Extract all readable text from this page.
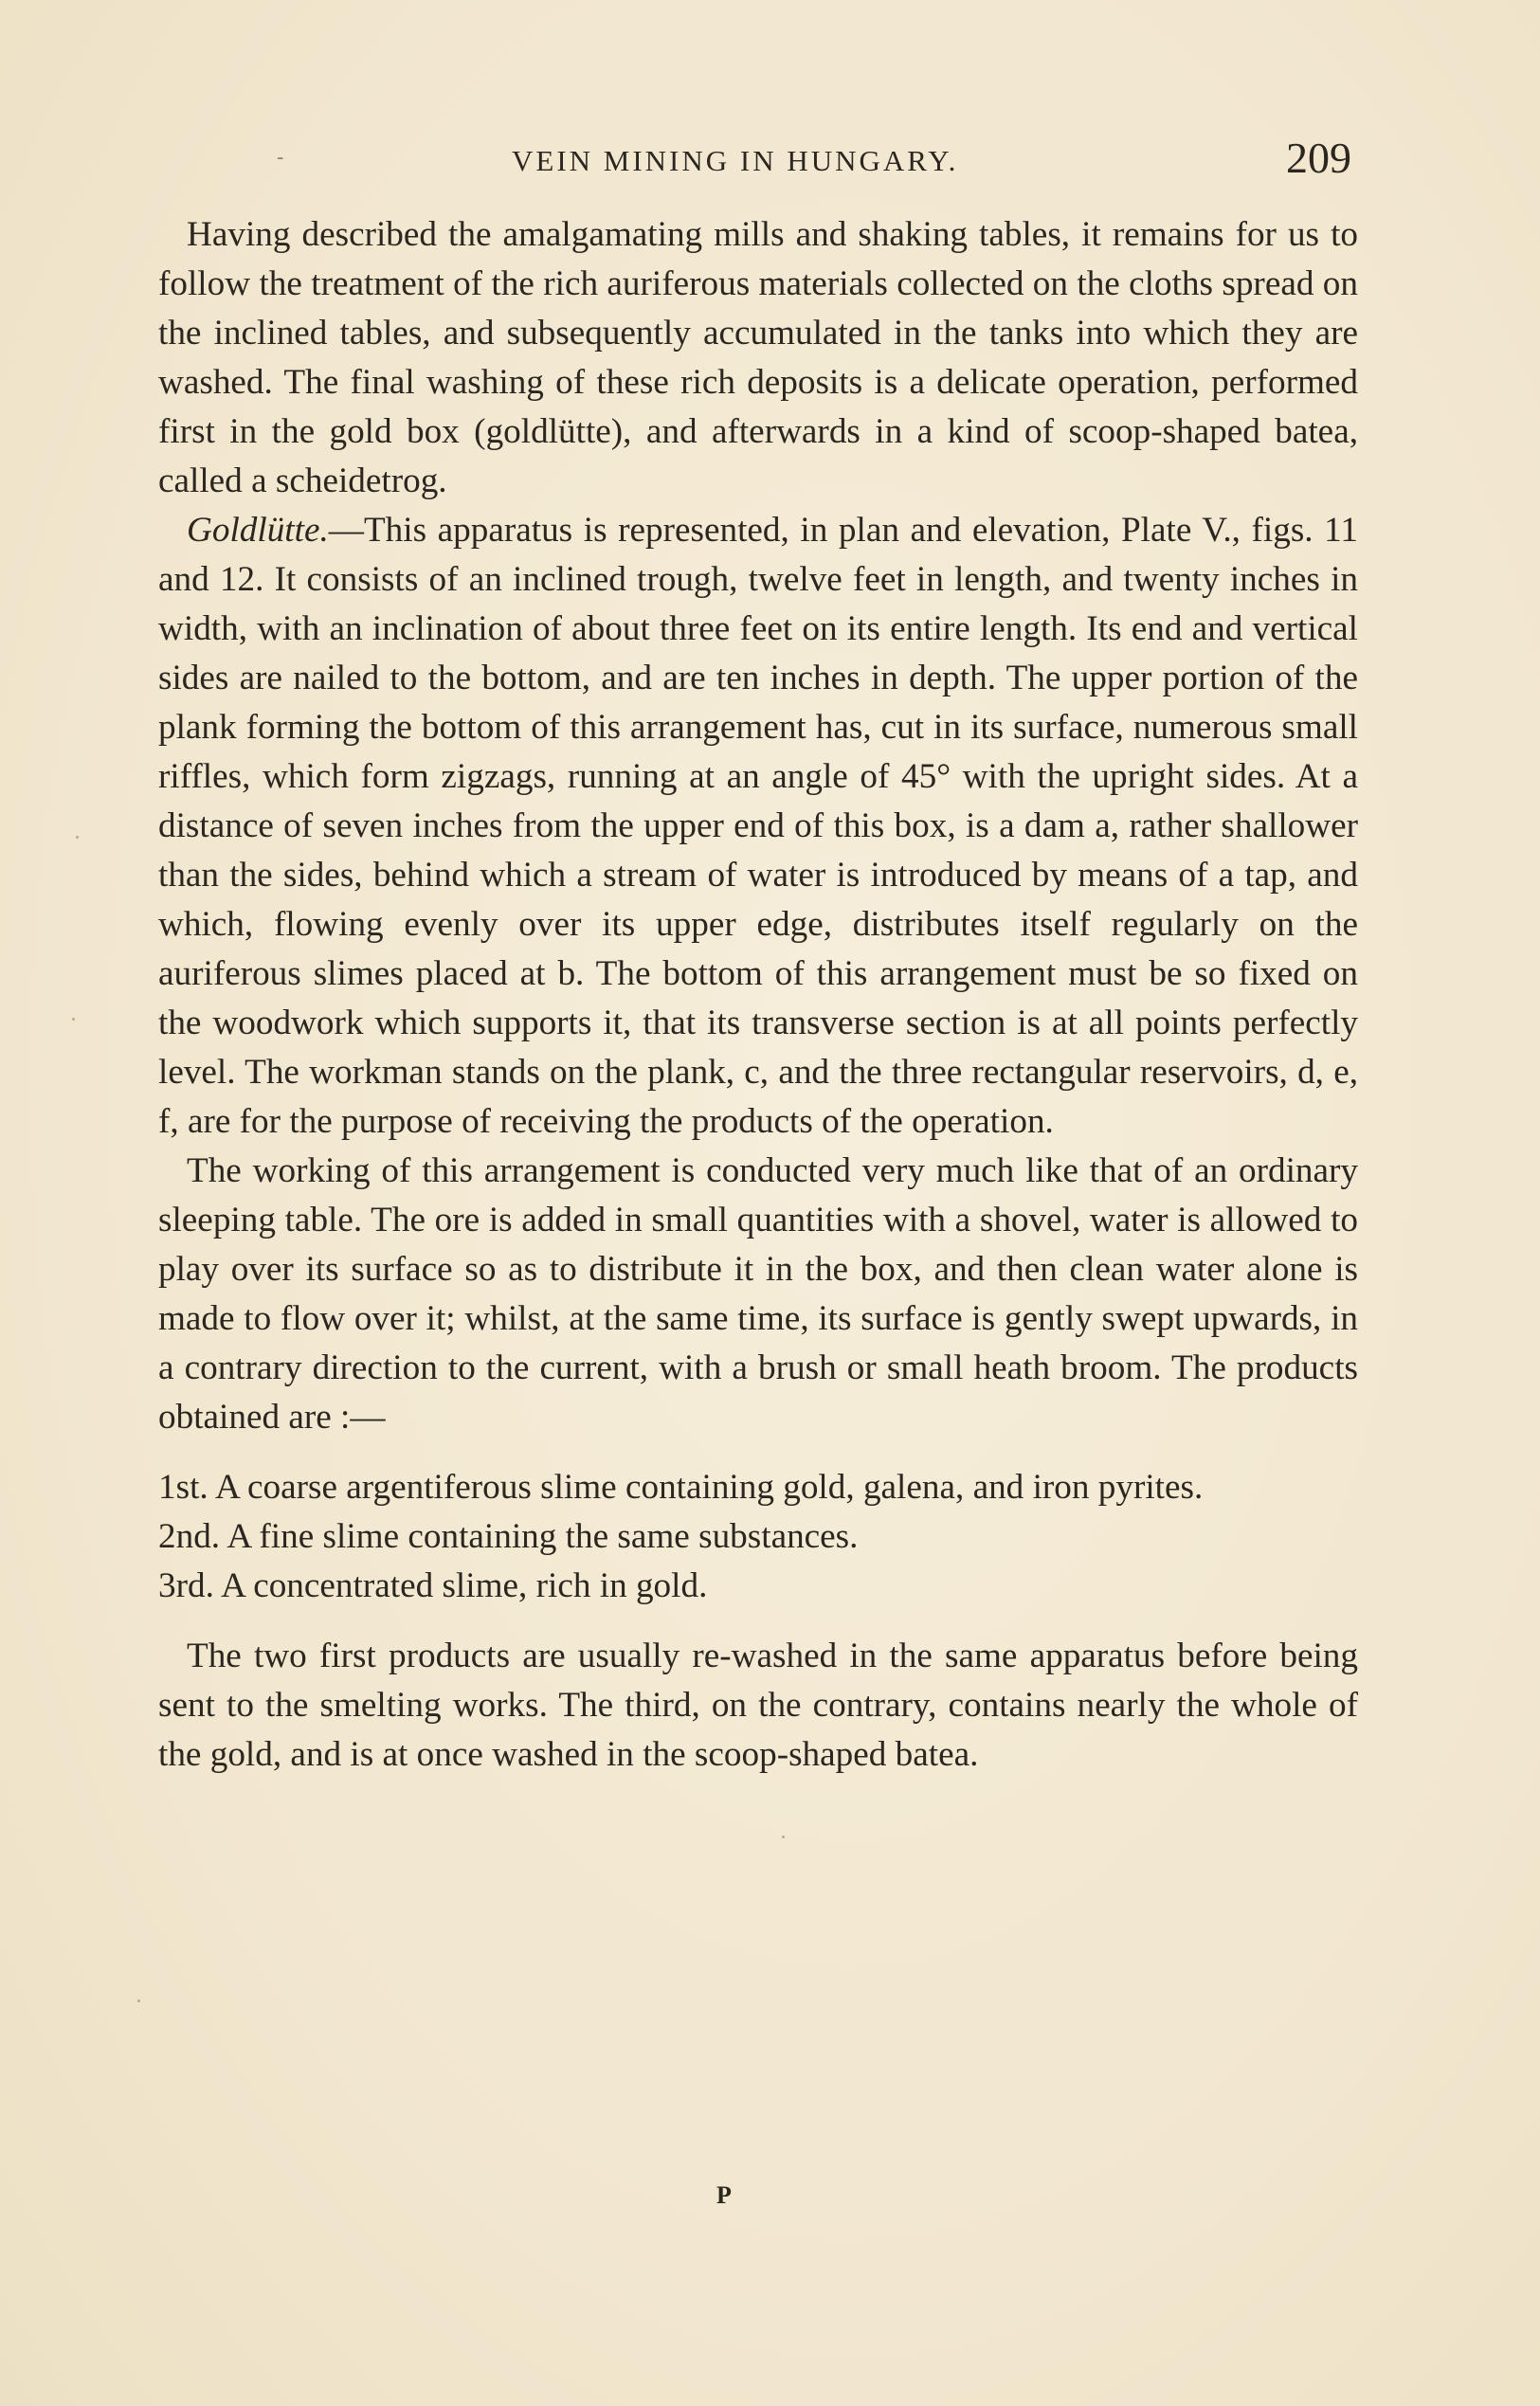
-	VEIN MINING IN HUNGARY.	209

Having described the amalgamating mills and shaking tables, it remains for us to follow the treatment of the rich auriferous materials collected on the cloths spread on the inclined tables, and subsequently accumulated in the tanks into which they are washed. The final washing of these rich deposits is a delicate operation, performed first in the gold box (goldlütte), and afterwards in a kind of scoop-shaped batea, called a scheidetrog.

Goldlütte.—This apparatus is represented, in plan and elevation, Plate V., figs. 11 and 12. It consists of an inclined trough, twelve feet in length, and twenty inches in width, with an inclination of about three feet on its entire length. Its end and vertical sides are nailed to the bottom, and are ten inches in depth. The upper portion of the plank forming the bottom of this arrangement has, cut in its surface, numerous small riffles, which form zigzags, running at an angle of 45° with the upright sides. At a distance of seven inches from the upper end of this box, is a dam a, rather shallower than the sides, behind which a stream of water is introduced by means of a tap, and which, flowing evenly over its upper edge, distributes itself regularly on the auriferous slimes placed at b. The bottom of this arrangement must be so fixed on the woodwork which supports it, that its transverse section is at all points perfectly level. The workman stands on the plank, c, and the three rectangular reservoirs, d, e, f, are for the purpose of receiving the products of the operation.

The working of this arrangement is conducted very much like that of an ordinary sleeping table. The ore is added in small quantities with a shovel, water is allowed to play over its surface so as to distribute it in the box, and then clean water alone is made to flow over it; whilst, at the same time, its surface is gently swept upwards, in a contrary direction to the current, with a brush or small heath broom. The products obtained are :—

1st. A coarse argentiferous slime containing gold, galena, and iron pyrites.
2nd. A fine slime containing the same substances.
3rd. A concentrated slime, rich in gold.

The two first products are usually re-washed in the same apparatus before being sent to the smelting works. The third, on the contrary, contains nearly the whole of the gold, and is at once washed in the scoop-shaped batea.

P
